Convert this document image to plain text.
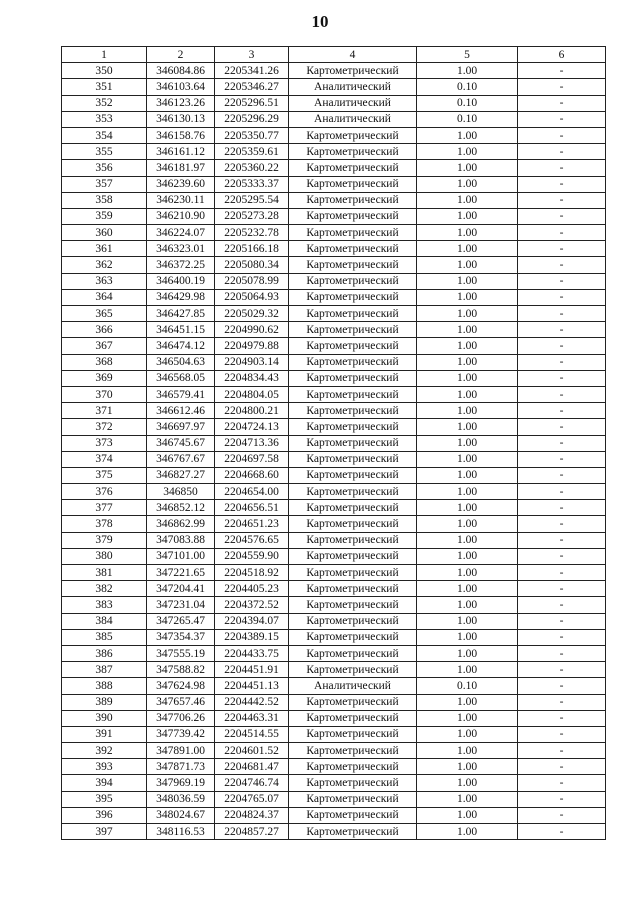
10
1	2	3	4	5	6
350	346084.86	2205341.26	Картометрический	1.00	-
351	346103.64	2205346.27	Аналитический	0.10	-
352	346123.26	2205296.51	Аналитический	0.10	-
353	346130.13	2205296.29	Аналитический	0.10	-
354	346158.76	2205350.77	Картометрический	1.00	-
355	346161.12	2205359.61	Картометрический	1.00	-
356	346181.97	2205360.22	Картометрический	1.00	-
357	346239.60	2205333.37	Картометрический	1.00	-
358	346230.11	2205295.54	Картометрический	1.00	-
359	346210.90	2205273.28	Картометрический	1.00	-
360	346224.07	2205232.78	Картометрический	1.00	-
361	346323.01	2205166.18	Картометрический	1.00	-
362	346372.25	2205080.34	Картометрический	1.00	-
363	346400.19	2205078.99	Картометрический	1.00	-
364	346429.98	2205064.93	Картометрический	1.00	-
365	346427.85	2205029.32	Картометрический	1.00	-
366	346451.15	2204990.62	Картометрический	1.00	-
367	346474.12	2204979.88	Картометрический	1.00	-
368	346504.63	2204903.14	Картометрический	1.00	-
369	346568.05	2204834.43	Картометрический	1.00	-
370	346579.41	2204804.05	Картометрический	1.00	-
371	346612.46	2204800.21	Картометрический	1.00	-
372	346697.97	2204724.13	Картометрический	1.00	-
373	346745.67	2204713.36	Картометрический	1.00	-
374	346767.67	2204697.58	Картометрический	1.00	-
375	346827.27	2204668.60	Картометрический	1.00	-
376	346850	2204654.00	Картометрический	1.00	-
377	346852.12	2204656.51	Картометрический	1.00	-
378	346862.99	2204651.23	Картометрический	1.00	-
379	347083.88	2204576.65	Картометрический	1.00	-
380	347101.00	2204559.90	Картометрический	1.00	-
381	347221.65	2204518.92	Картометрический	1.00	-
382	347204.41	2204405.23	Картометрический	1.00	-
383	347231.04	2204372.52	Картометрический	1.00	-
384	347265.47	2204394.07	Картометрический	1.00	-
385	347354.37	2204389.15	Картометрический	1.00	-
386	347555.19	2204433.75	Картометрический	1.00	-
387	347588.82	2204451.91	Картометрический	1.00	-
388	347624.98	2204451.13	Аналитический	0.10	-
389	347657.46	2204442.52	Картометрический	1.00	-
390	347706.26	2204463.31	Картометрический	1.00	-
391	347739.42	2204514.55	Картометрический	1.00	-
392	347891.00	2204601.52	Картометрический	1.00	-
393	347871.73	2204681.47	Картометрический	1.00	-
394	347969.19	2204746.74	Картометрический	1.00	-
395	348036.59	2204765.07	Картометрический	1.00	-
396	348024.67	2204824.37	Картометрический	1.00	-
397	348116.53	2204857.27	Картометрический	1.00	-
